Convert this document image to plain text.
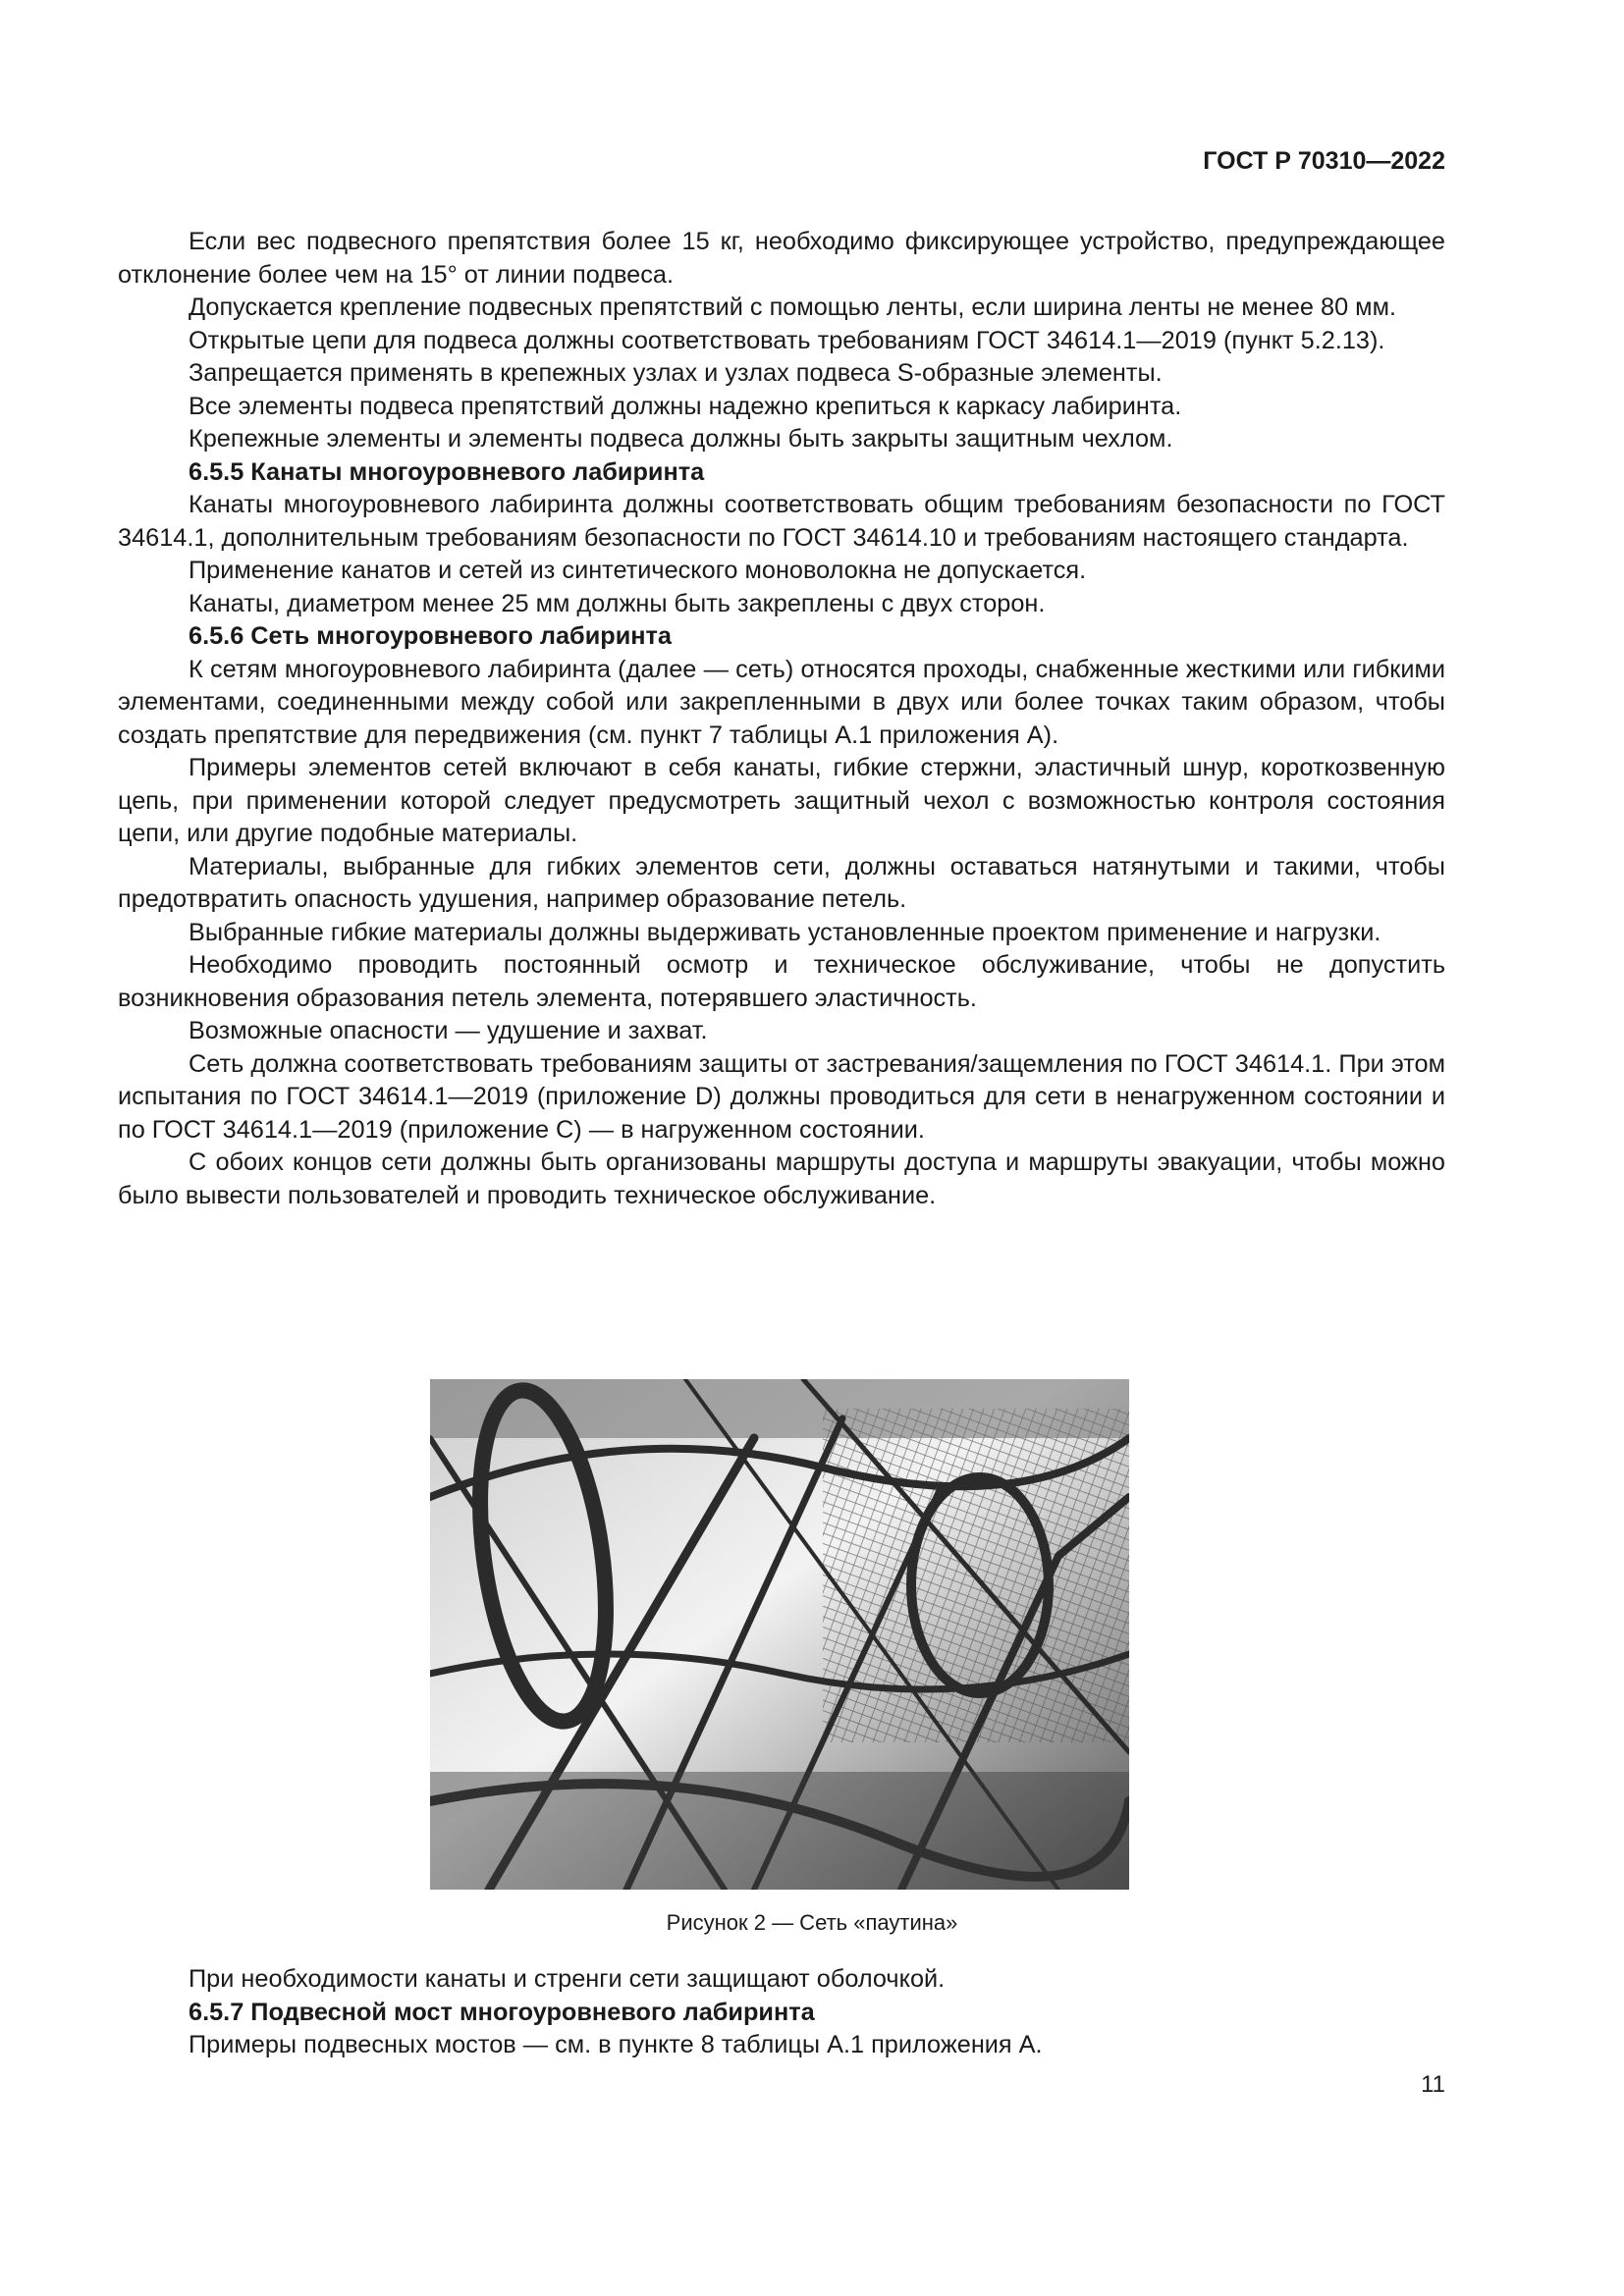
ГОСТ Р 70310—2022

Если вес подвесного препятствия более 15 кг, необходимо фиксирующее устройство, предупреждающее отклонение более чем на 15° от линии подвеса.

Допускается крепление подвесных препятствий с помощью ленты, если ширина ленты не менее 80 мм.

Открытые цепи для подвеса должны соответствовать требованиям ГОСТ 34614.1—2019 (пункт 5.2.13).

Запрещается применять в крепежных узлах и узлах подвеса S-образные элементы.

Все элементы подвеса препятствий должны надежно крепиться к каркасу лабиринта.

Крепежные элементы и элементы подвеса должны быть закрыты защитным чехлом.

6.5.5 Канаты многоуровневого лабиринта

Канаты многоуровневого лабиринта должны соответствовать общим требованиям безопасности по ГОСТ 34614.1, дополнительным требованиям безопасности по ГОСТ 34614.10 и требованиям настоящего стандарта.

Применение канатов и сетей из синтетического моноволокна не допускается.

Канаты, диаметром менее 25 мм должны быть закреплены с двух сторон.

6.5.6 Сеть многоуровневого лабиринта

К сетям многоуровневого лабиринта (далее — сеть) относятся проходы, снабженные жесткими или гибкими элементами, соединенными между собой или закрепленными в двух или более точках таким образом, чтобы создать препятствие для передвижения (см. пункт 7 таблицы А.1 приложения А).

Примеры элементов сетей включают в себя канаты, гибкие стержни, эластичный шнур, короткозвенную цепь, при применении которой следует предусмотреть защитный чехол с возможностью контроля состояния цепи, или другие подобные материалы.

Материалы, выбранные для гибких элементов сети, должны оставаться натянутыми и такими, чтобы предотвратить опасность удушения, например образование петель.

Выбранные гибкие материалы должны выдерживать установленные проектом применение и нагрузки.

Необходимо проводить постоянный осмотр и техническое обслуживание, чтобы не допустить возникновения образования петель элемента, потерявшего эластичность.

Возможные опасности — удушение и захват.

Сеть должна соответствовать требованиям защиты от застревания/защемления по ГОСТ 34614.1. При этом испытания по ГОСТ 34614.1—2019 (приложение D) должны проводиться для сети в ненагруженном состоянии и по ГОСТ 34614.1—2019 (приложение С) — в нагруженном состоянии.

С обоих концов сети должны быть организованы маршруты доступа и маршруты эвакуации, чтобы можно было вывести пользователей и проводить техническое обслуживание.

Рисунок 2 — Сеть «паутина»

При необходимости канаты и стренги сети защищают оболочкой.

6.5.7 Подвесной мост многоуровневого лабиринта

Примеры подвесных мостов — см. в пункте 8 таблицы А.1 приложения А.

11
